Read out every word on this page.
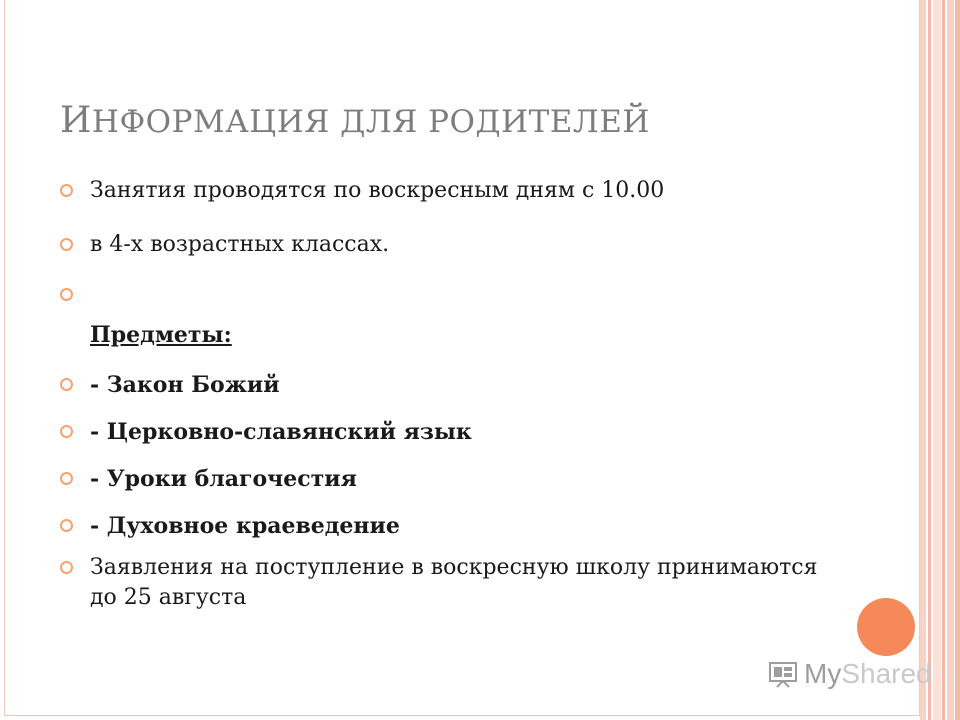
ИНФОРМАЦИЯ ДЛЯ РОДИТЕЛЕЙ
Занятия проводятся по воскресным дням с 10.00
в 4-х возрастных классах.
Предметы:
- Закон Божий
- Церковно-славянский язык
- Уроки благочестия
- Духовное краеведение
Заявления на поступление в воскресную школу принимаются до 25 августа
My Shared
